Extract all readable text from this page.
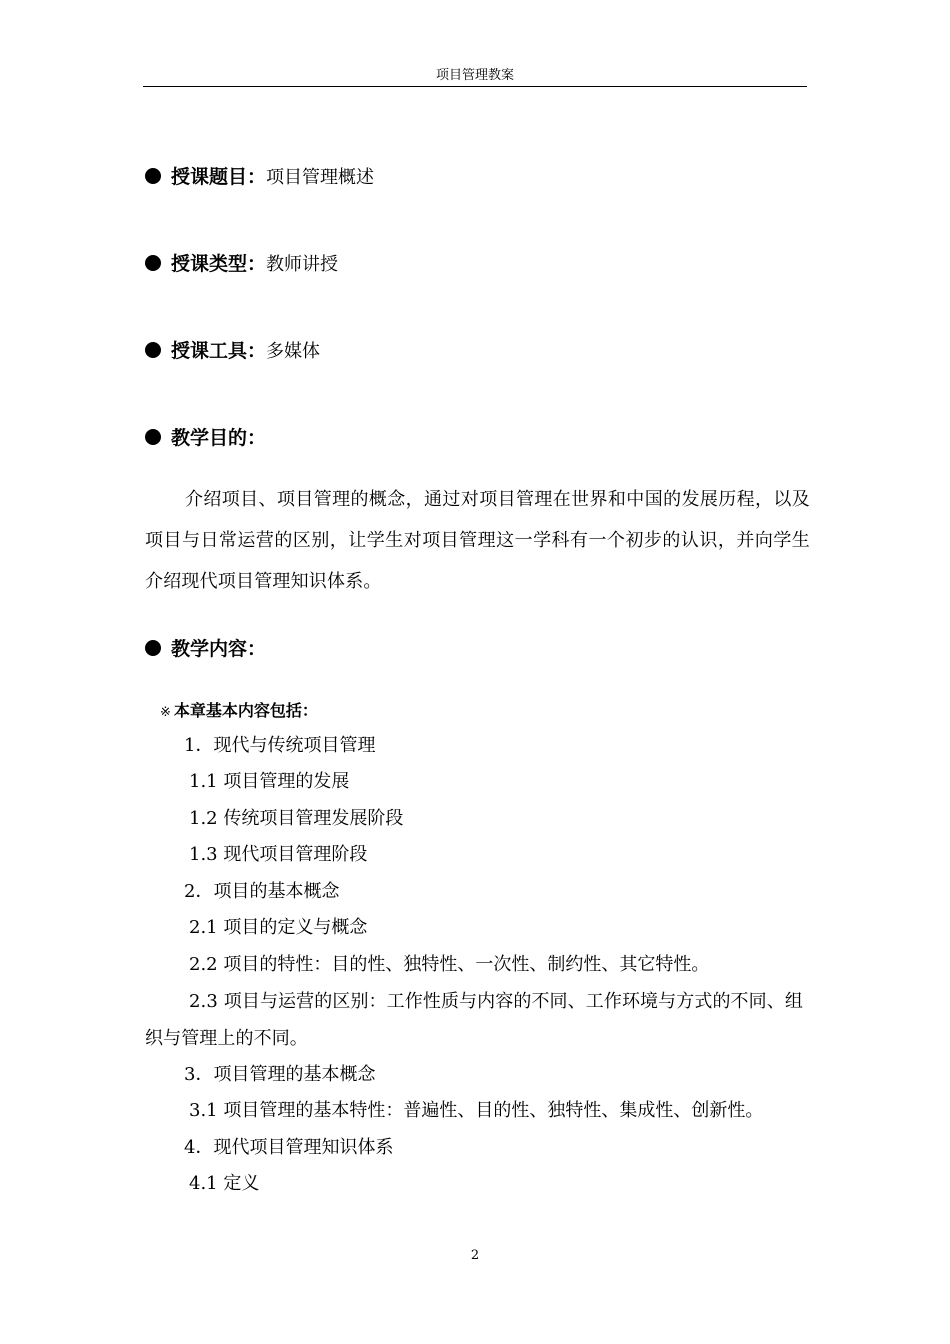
项目管理教案
授课题目：项目管理概述
授课类型：教师讲授
授课工具：多媒体
教学目的：
介绍项目、项目管理的概念，通过对项目管理在世界和中国的发展历程，以及项目与日常运营的区别，让学生对项目管理这一学科有一个初步的认识，并向学生介绍现代项目管理知识体系。
教学内容：
※ 本章基本内容包括：
1．现代与传统项目管理
1.1 项目管理的发展
1.2 传统项目管理发展阶段
1.3 现代项目管理阶段
2．项目的基本概念
2.1 项目的定义与概念
2.2 项目的特性：目的性、独特性、一次性、制约性、其它特性。
2.3 项目与运营的区别：工作性质与内容的不同、工作环境与方式的不同、组织与管理上的不同。
3．项目管理的基本概念
3.1 项目管理的基本特性：普遍性、目的性、独特性、集成性、创新性。
4．现代项目管理知识体系
4.1 定义
2
